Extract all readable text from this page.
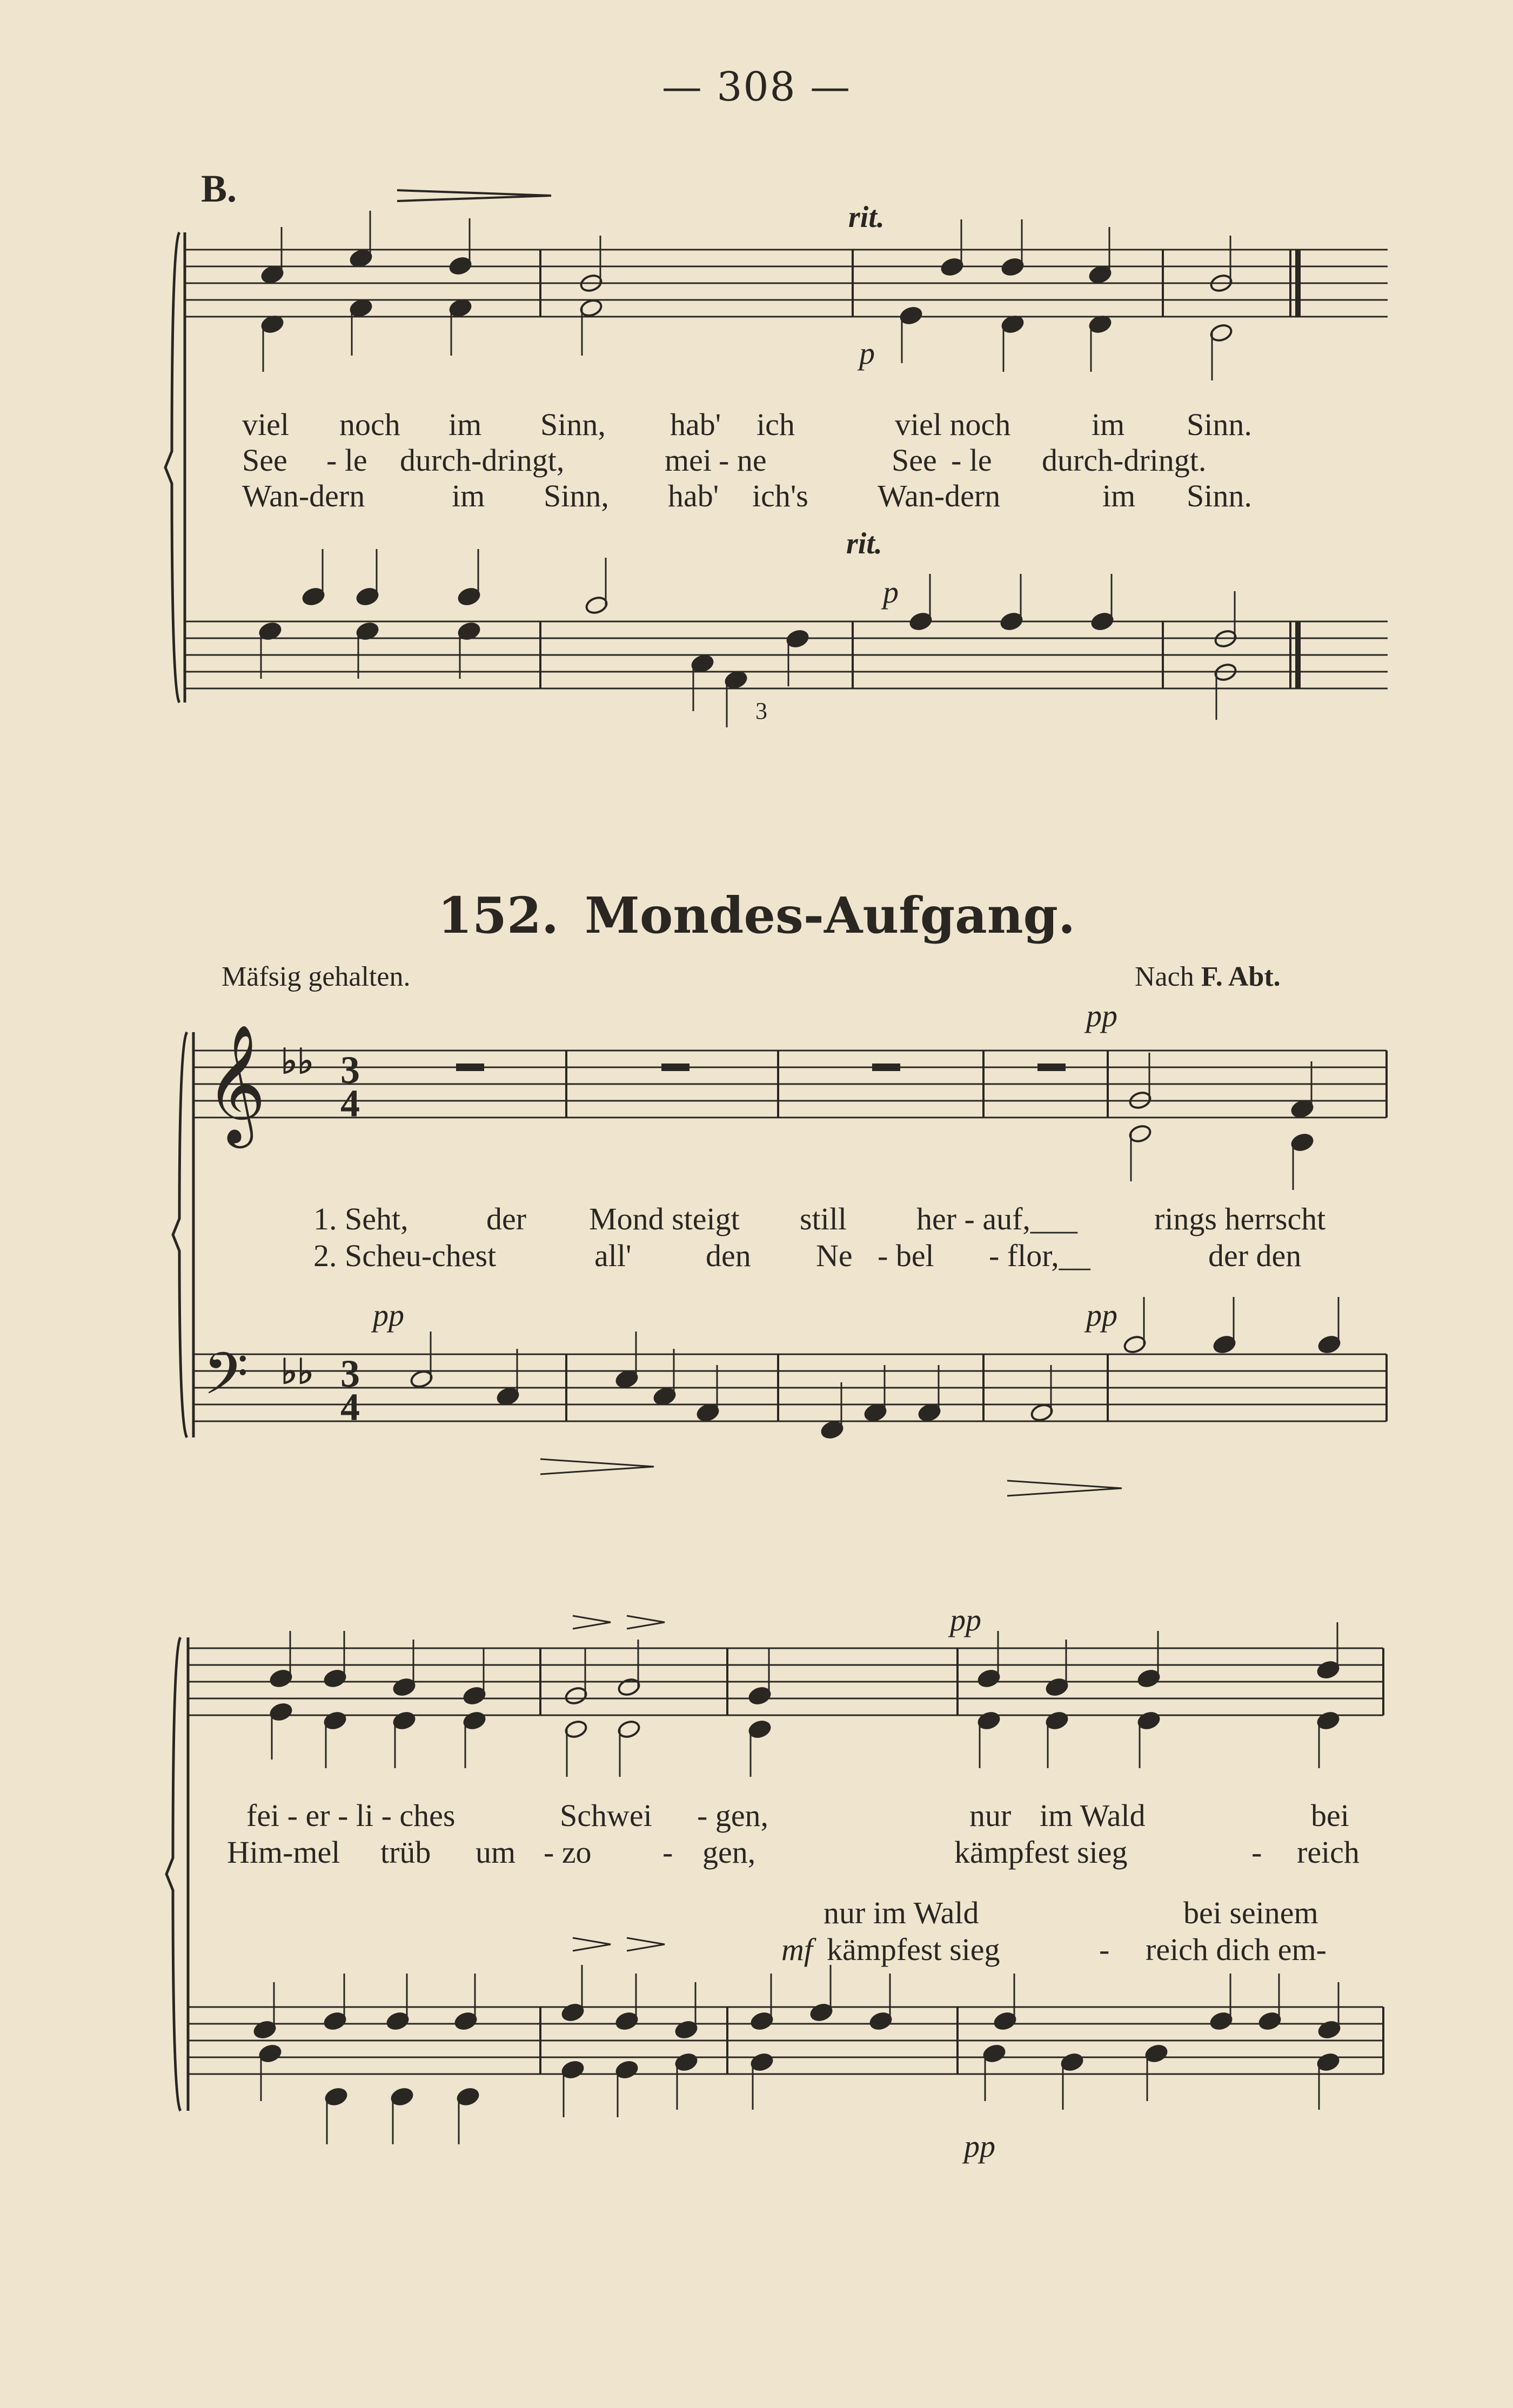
— 308 —
𝄞
𝄢
♭♭
♭♭
3
4
3
4
B.
rit.
p
viel noch im Sinn, hab' ich	viel noch	im Sinn.
See - le durch-dringt,	mei - ne	See - le durch-dringt.
Wan-dern	im Sinn, hab' ich's Wan-dern	im Sinn.
rit.
p
3
152. Mondes-Aufgang.
Mäfsig gehalten.	Nach F. Abt.
pp
1. Seht, der Mond steigt still her - auf,___ rings herrscht
2. Scheu-chest	all' den Ne - bel - flor,__	der den
pp	pp
pp
fei - er - li - ches	Schwei - gen,	nur im Wald	bei
Him-mel trüb um - zo - gen,	kämpfest sieg	- reich
nur im Wald	bei seinem
mf kämpfest sieg	- reich dich em-
pp
